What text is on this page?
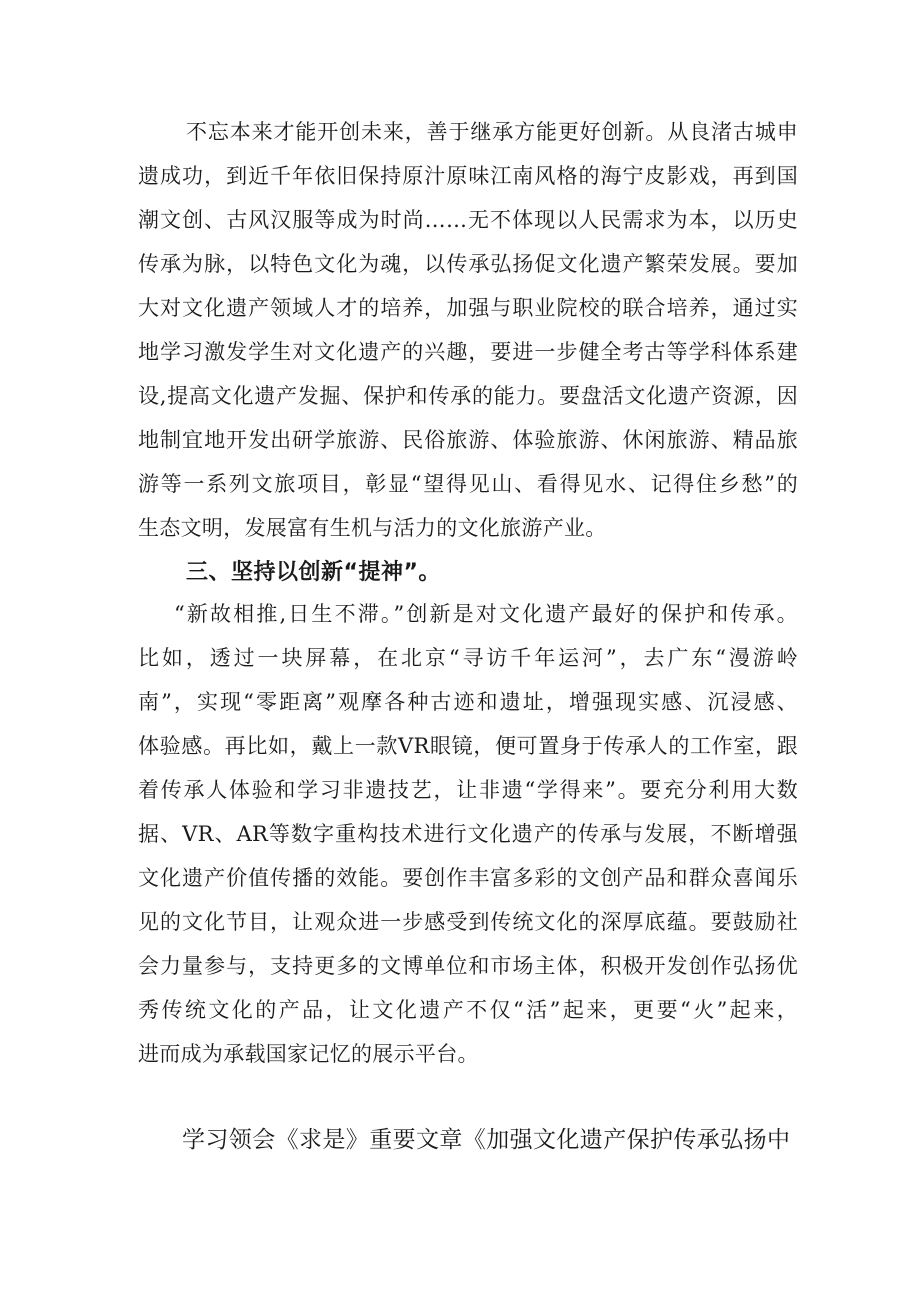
不忘本来才能开创未来，善于继承方能更好创新。从良渚古城申
遗成功，到近千年依旧保持原汁原味江南风格的海宁皮影戏，再到国
潮文创、古风汉服等成为时尚……无不体现以人民需求为本，以历史
传承为脉，以特色文化为魂，以传承弘扬促文化遗产繁荣发展。要加
大对文化遗产领域人才的培养，加强与职业院校的联合培养，通过实
地学习激发学生对文化遗产的兴趣，要进一步健全考古等学科体系建
设,提高文化遗产发掘、保护和传承的能力。要盘活文化遗产资源，因
地制宜地开发出研学旅游、民俗旅游、体验旅游、休闲旅游、精品旅
游等一系列文旅项目，彰显“望得见山、看得见水、记得住乡愁”的
生态文明，发展富有生机与活力的文化旅游产业。
三、坚持以创新“提神”。
“新故相推,日生不滞。”创新是对文化遗产最好的保护和传承。
比如，透过一块屏幕，在北京“寻访千年运河”，去广东“漫游岭
南”，实现“零距离”观摩各种古迹和遗址，增强现实感、沉浸感、
体验感。再比如，戴上一款VR眼镜，便可置身于传承人的工作室，跟
着传承人体验和学习非遗技艺，让非遗“学得来”。要充分利用大数
据、VR、AR等数字重构技术进行文化遗产的传承与发展，不断增强
文化遗产价值传播的效能。要创作丰富多彩的文创产品和群众喜闻乐
见的文化节目，让观众进一步感受到传统文化的深厚底蕴。要鼓励社
会力量参与，支持更多的文博单位和市场主体，积极开发创作弘扬优
秀传统文化的产品，让文化遗产不仅“活”起来，更要“火”起来，
进而成为承载国家记忆的展示平台。
学习领会《求是》重要文章《加强文化遗产保护传承弘扬中
